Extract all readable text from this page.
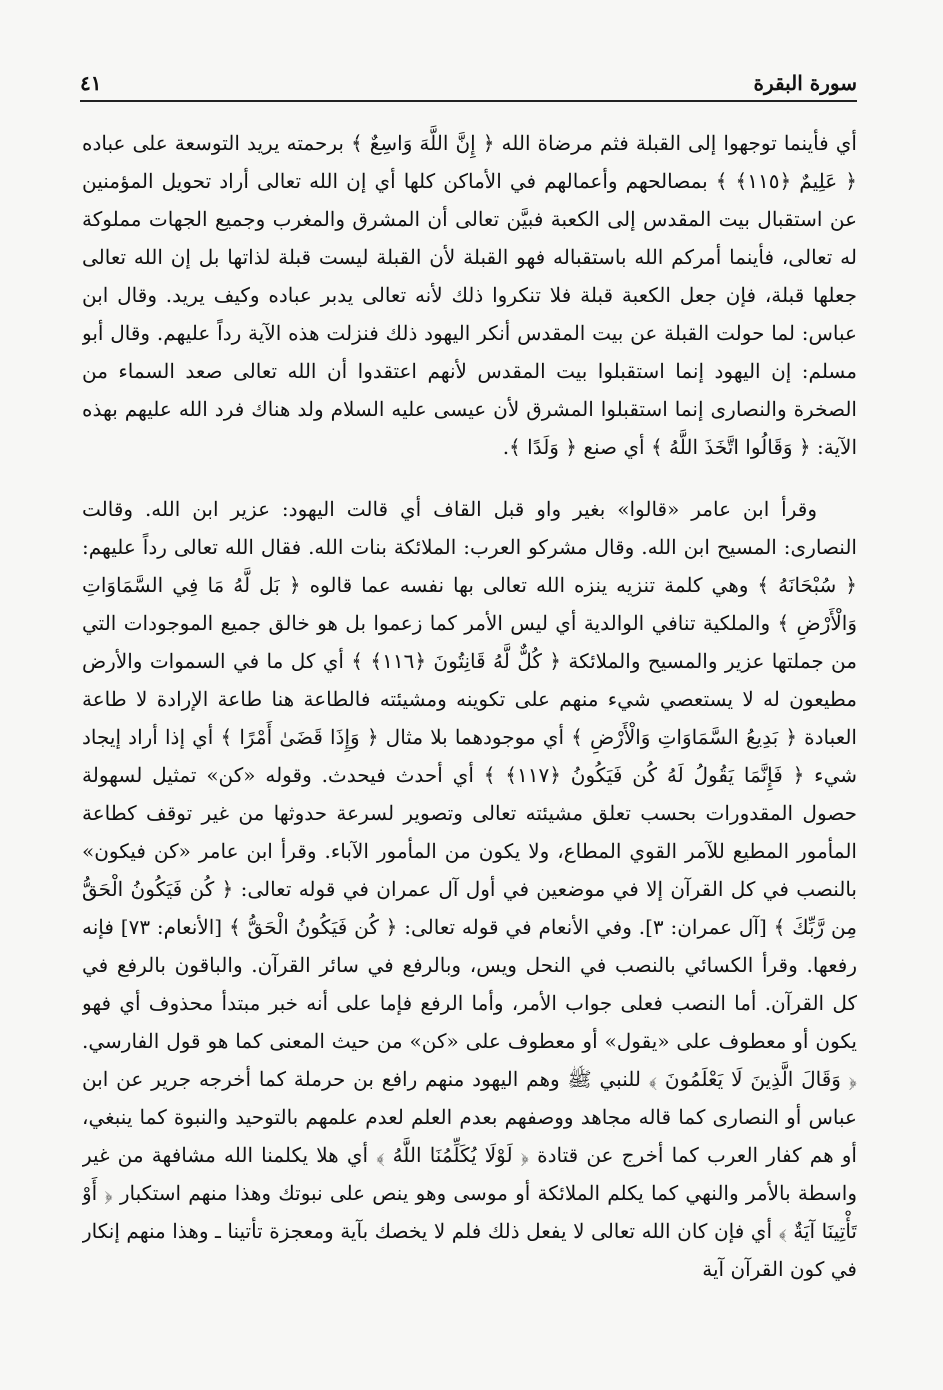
سورة البقرة
٤١

أي فأينما توجهوا إلى القبلة فثم مرضاة الله ﴿ إِنَّ اللَّهَ وَاسِعٌ ﴾ برحمته يريد التوسعة على عباده ﴿ عَلِيمٌ ﴿١١٥﴾ ﴾ بمصالحهم وأعمالهم في الأماكن كلها أي إن الله تعالى أراد تحويل المؤمنين عن استقبال بيت المقدس إلى الكعبة فبيَّن تعالى أن المشرق والمغرب وجميع الجهات مملوكة له تعالى، فأينما أمركم الله باستقباله فهو القبلة لأن القبلة ليست قبلة لذاتها بل إن الله تعالى جعلها قبلة، فإن جعل الكعبة قبلة فلا تنكروا ذلك لأنه تعالى يدبر عباده وكيف يريد. وقال ابن عباس: لما حولت القبلة عن بيت المقدس أنكر اليهود ذلك فنزلت هذه الآية رداً عليهم. وقال أبو مسلم: إن اليهود إنما استقبلوا بيت المقدس لأنهم اعتقدوا أن الله تعالى صعد السماء من الصخرة والنصارى إنما استقبلوا المشرق لأن عيسى عليه السلام ولد هناك فرد الله عليهم بهذه الآية: ﴿ وَقَالُوا اتَّخَذَ اللَّهُ ﴾ أي صنع ﴿ وَلَدًا ﴾.

وقرأ ابن عامر «قالوا» بغير واو قبل القاف أي قالت اليهود: عزير ابن الله. وقالت النصارى: المسيح ابن الله. وقال مشركو العرب: الملائكة بنات الله. فقال الله تعالى رداً عليهم: ﴿ سُبْحَانَهُ ﴾ وهي كلمة تنزيه ينزه الله تعالى بها نفسه عما قالوه ﴿ بَل لَّهُ مَا فِي السَّمَاوَاتِ وَالْأَرْضِ ﴾ والملكية تنافي الوالدية أي ليس الأمر كما زعموا بل هو خالق جميع الموجودات التي من جملتها عزير والمسيح والملائكة ﴿ كُلٌّ لَّهُ قَانِتُونَ ﴿١١٦﴾ ﴾ أي كل ما في السموات والأرض مطيعون له لا يستعصي شيء منهم على تكوينه ومشيئته فالطاعة هنا طاعة الإرادة لا طاعة العبادة ﴿ بَدِيعُ السَّمَاوَاتِ وَالْأَرْضِ ﴾ أي موجودهما بلا مثال ﴿ وَإِذَا قَضَىٰ أَمْرًا ﴾ أي إذا أراد إيجاد شيء ﴿ فَإِنَّمَا يَقُولُ لَهُ كُن فَيَكُونُ ﴿١١٧﴾ ﴾ أي أحدث فيحدث. وقوله «كن» تمثيل لسهولة حصول المقدورات بحسب تعلق مشيئته تعالى وتصوير لسرعة حدوثها من غير توقف كطاعة المأمور المطيع للآمر القوي المطاع، ولا يكون من المأمور الآباء. وقرأ ابن عامر «كن فيكون» بالنصب في كل القرآن إلا في موضعين في أول آل عمران في قوله تعالى: ﴿ كُن فَيَكُونُ الْحَقُّ مِن رَّبِّكَ ﴾ [آل عمران: ٣]. وفي الأنعام في قوله تعالى: ﴿ كُن فَيَكُونُ الْحَقُّ ﴾ [الأنعام: ٧٣] فإنه رفعها. وقرأ الكسائي بالنصب في النحل ويس، وبالرفع في سائر القرآن. والباقون بالرفع في كل القرآن. أما النصب فعلى جواب الأمر، وأما الرفع فإما على أنه خبر مبتدأ محذوف أي فهو يكون أو معطوف على «يقول» أو معطوف على «كن» من حيث المعنى كما هو قول الفارسي. ﴿ وَقَالَ الَّذِينَ لَا يَعْلَمُونَ ﴾ للنبي ﷺ وهم اليهود منهم رافع بن حرملة كما أخرجه جرير عن ابن عباس أو النصارى كما قاله مجاهد ووصفهم بعدم العلم لعدم علمهم بالتوحيد والنبوة كما ينبغي، أو هم كفار العرب كما أخرج عن قتادة ﴿ لَوْلَا يُكَلِّمُنَا اللَّهُ ﴾ أي هلا يكلمنا الله مشافهة من غير واسطة بالأمر والنهي كما يكلم الملائكة أو موسى وهو ينص على نبوتك وهذا منهم استكبار ﴿ أَوْ تَأْتِينَا آيَةٌ ﴾ أي فإن كان الله تعالى لا يفعل ذلك فلم لا يخصك بآية ومعجزة تأتينا ـ وهذا منهم إنكار في كون القرآن آية
